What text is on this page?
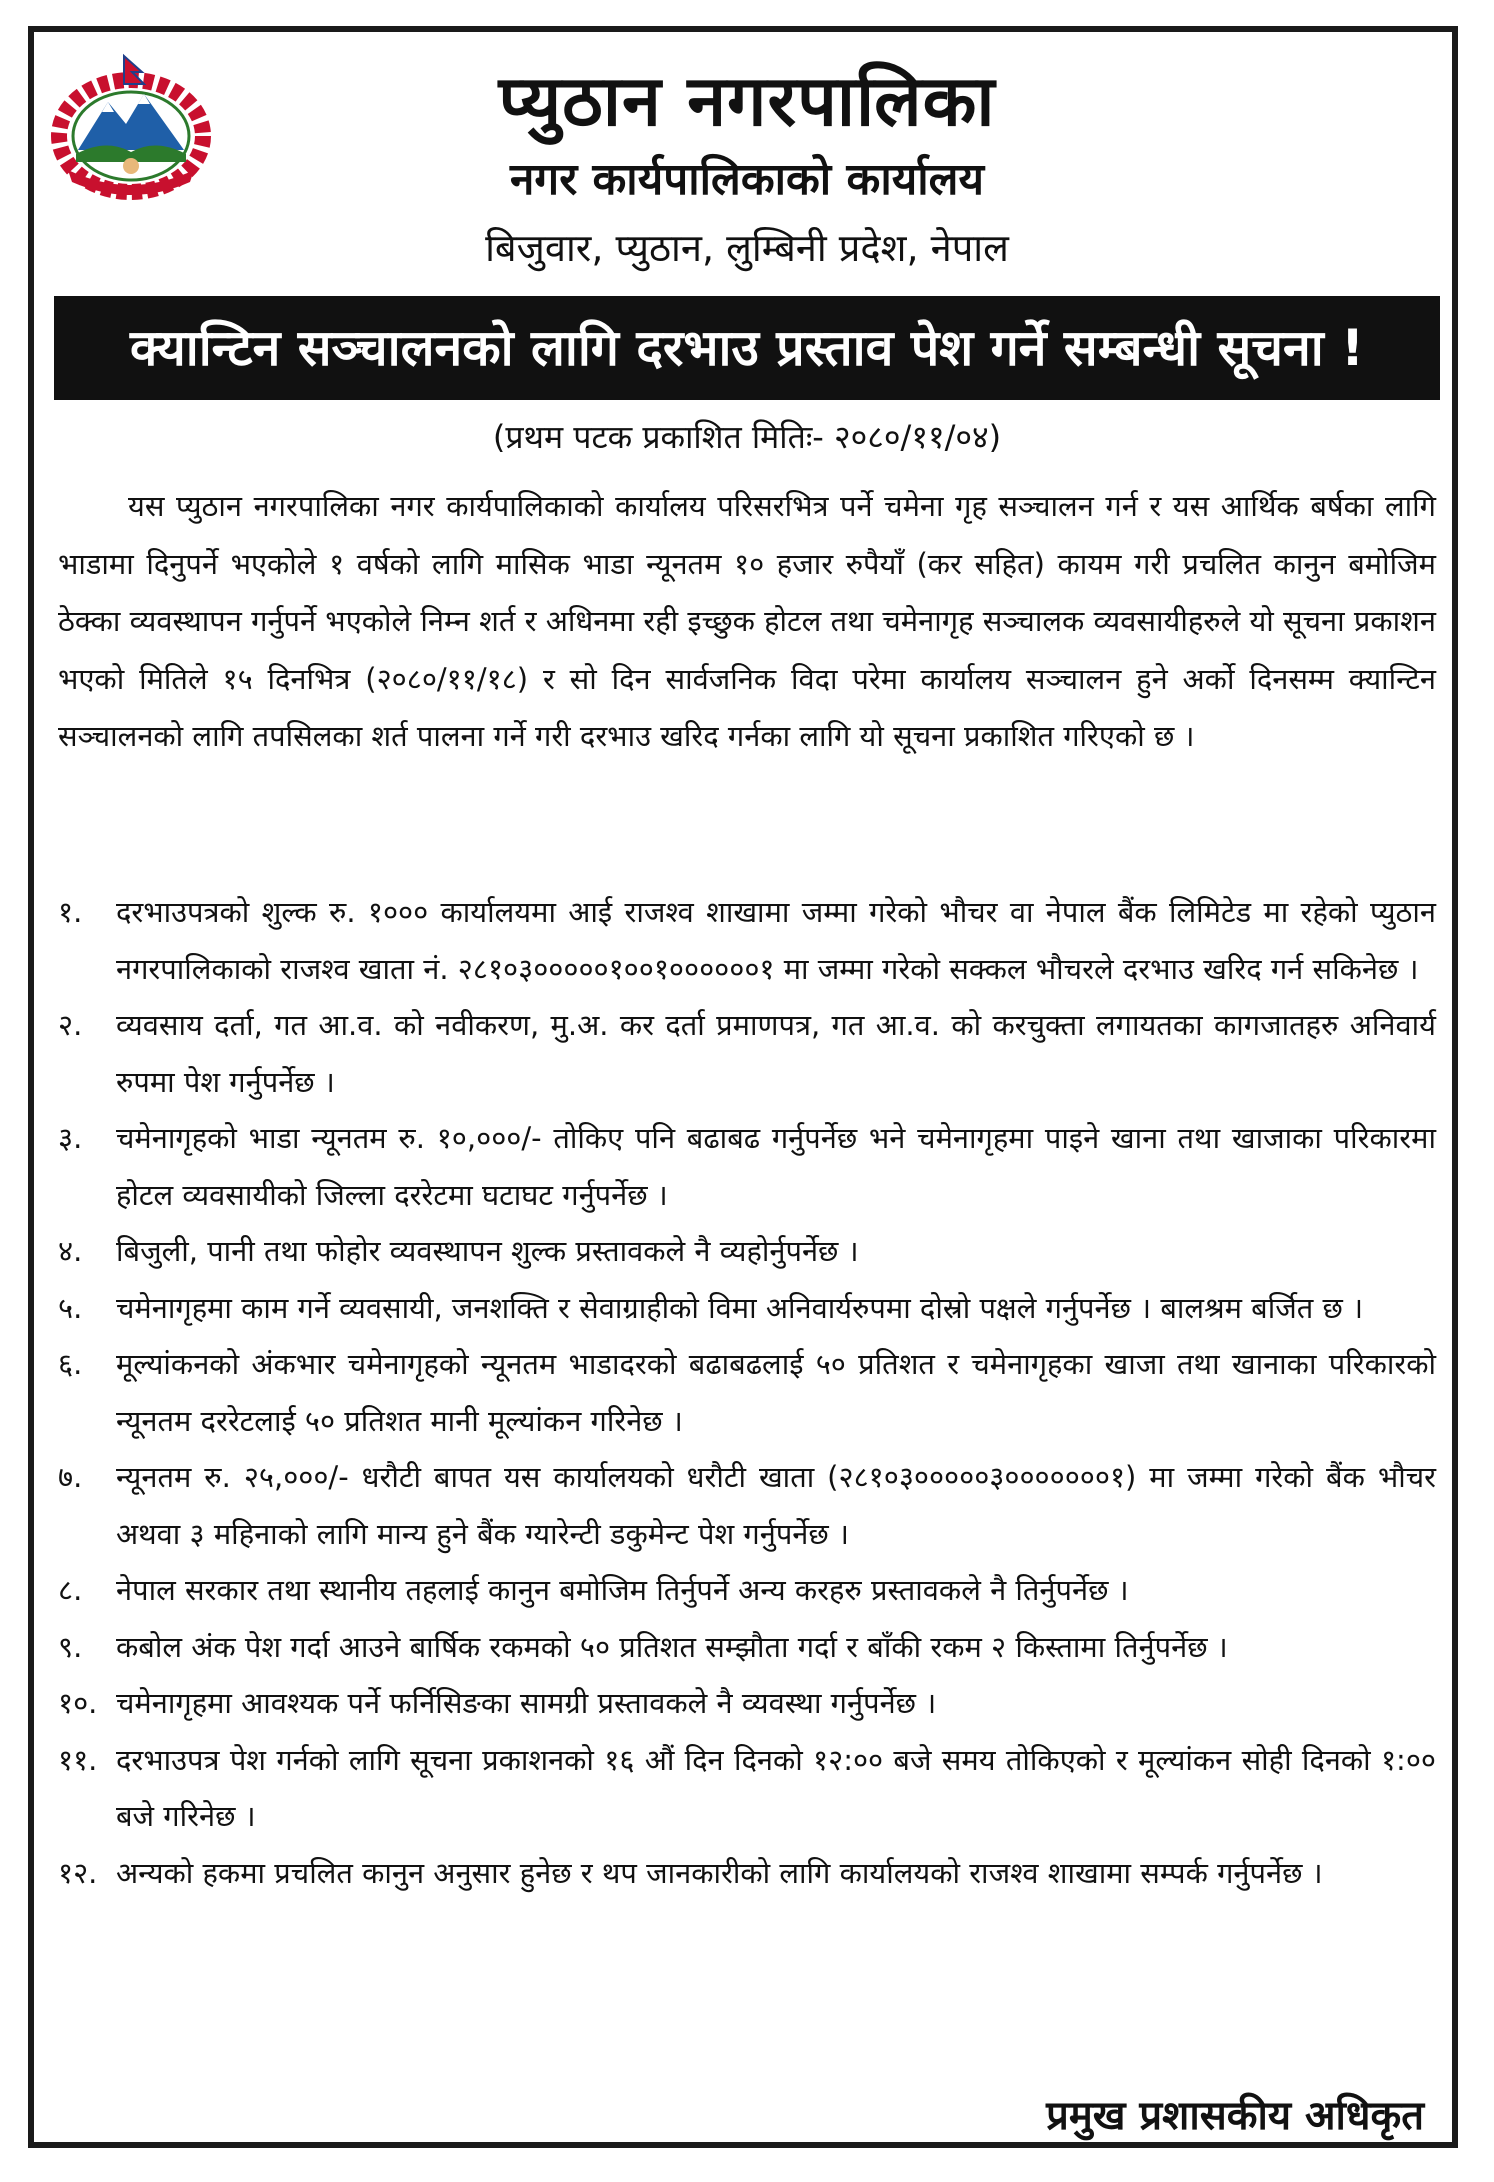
प्युठान नगरपालिका
नगर कार्यपालिकाको कार्यालय
बिजुवार, प्युठान, लुम्बिनी प्रदेश, नेपाल
क्यान्टिन सञ्चालनको लागि दरभाउ प्रस्ताव पेश गर्ने सम्बन्धी सूचना !
(प्रथम पटक प्रकाशित मितिः- २०८०/११/०४)

यस प्युठान नगरपालिका नगर कार्यपालिकाको कार्यालय परिसरभित्र पर्ने चमेना गृह सञ्चालन गर्न र यस आर्थिक बर्षका लागि भाडामा दिनुपर्ने भएकोले १ वर्षको लागि मासिक भाडा न्यूनतम १० हजार रुपैयाँ (कर सहित) कायम गरी प्रचलित कानुन बमोजिम ठेक्का व्यवस्थापन गर्नुपर्ने भएकोले निम्न शर्त र अधिनमा रही इच्छुक होटल तथा चमेनागृह सञ्चालक व्यवसायीहरुले यो सूचना प्रकाशन भएको मितिले १५ दिनभित्र (२०८०/११/१८) र सो दिन सार्वजनिक विदा परेमा कार्यालय सञ्चालन हुने अर्को दिनसम्म क्यान्टिन सञ्चालनको लागि तपसिलका शर्त पालना गर्ने गरी दरभाउ खरिद गर्नका लागि यो सूचना प्रकाशित गरिएको छ ।

१. दरभाउपत्रको शुल्क रु. १००० कार्यालयमा आई राजश्व शाखामा जम्मा गरेको भौचर वा नेपाल बैंक लिमिटेड मा रहेको प्युठान नगरपालिकाको राजश्व खाता नं. २८१०३०००००१००१००००००१ मा जम्मा गरेको सक्कल भौचरले दरभाउ खरिद गर्न सकिनेछ ।
२. व्यवसाय दर्ता, गत आ.व. को नवीकरण, मु.अ. कर दर्ता प्रमाणपत्र, गत आ.व. को करचुक्ता लगायतका कागजातहरु अनिवार्य रुपमा पेश गर्नुपर्नेछ ।
३. चमेनागृहको भाडा न्यूनतम रु. १०,०००/- तोकिए पनि बढाबढ गर्नुपर्नेछ भने चमेनागृहमा पाइने खाना तथा खाजाका परिकारमा होटल व्यवसायीको जिल्ला दररेटमा घटाघट गर्नुपर्नेछ ।
४. बिजुली, पानी तथा फोहोर व्यवस्थापन शुल्क प्रस्तावकले नै व्यहोर्नुपर्नेछ ।
५. चमेनागृहमा काम गर्ने व्यवसायी, जनशक्ति र सेवाग्राहीको विमा अनिवार्यरुपमा दोस्रो पक्षले गर्नुपर्नेछ । बालश्रम बर्जित छ ।
६. मूल्यांकनको अंकभार चमेनागृहको न्यूनतम भाडादरको बढाबढलाई ५० प्रतिशत र चमेनागृहका खाजा तथा खानाका परिकारको न्यूनतम दररेटलाई ५० प्रतिशत मानी मूल्यांकन गरिनेछ ।
७. न्यूनतम रु. २५,०००/- धरौटी बापत यस कार्यालयको धरौटी खाता (२८१०३०००००३०००००००१) मा जम्मा गरेको बैंक भौचर अथवा ३ महिनाको लागि मान्य हुने बैंक ग्यारेन्टी डकुमेन्ट पेश गर्नुपर्नेछ ।
८. नेपाल सरकार तथा स्थानीय तहलाई कानुन बमोजिम तिर्नुपर्ने अन्य करहरु प्रस्तावकले नै तिर्नुपर्नेछ ।
९. कबोल अंक पेश गर्दा आउने बार्षिक रकमको ५० प्रतिशत सम्झौता गर्दा र बाँकी रकम २ किस्तामा तिर्नुपर्नेछ ।
१०. चमेनागृहमा आवश्यक पर्ने फर्निसिङका सामग्री प्रस्तावकले नै व्यवस्था गर्नुपर्नेछ ।
११. दरभाउपत्र पेश गर्नको लागि सूचना प्रकाशनको १६ औं दिन दिनको १२:०० बजे समय तोकिएको र मूल्यांकन सोही दिनको १:०० बजे गरिनेछ ।
१२. अन्यको हकमा प्रचलित कानुन अनुसार हुनेछ र थप जानकारीको लागि कार्यालयको राजश्व शाखामा सम्पर्क गर्नुपर्नेछ ।
प्रमुख प्रशासकीय अधिकृत
